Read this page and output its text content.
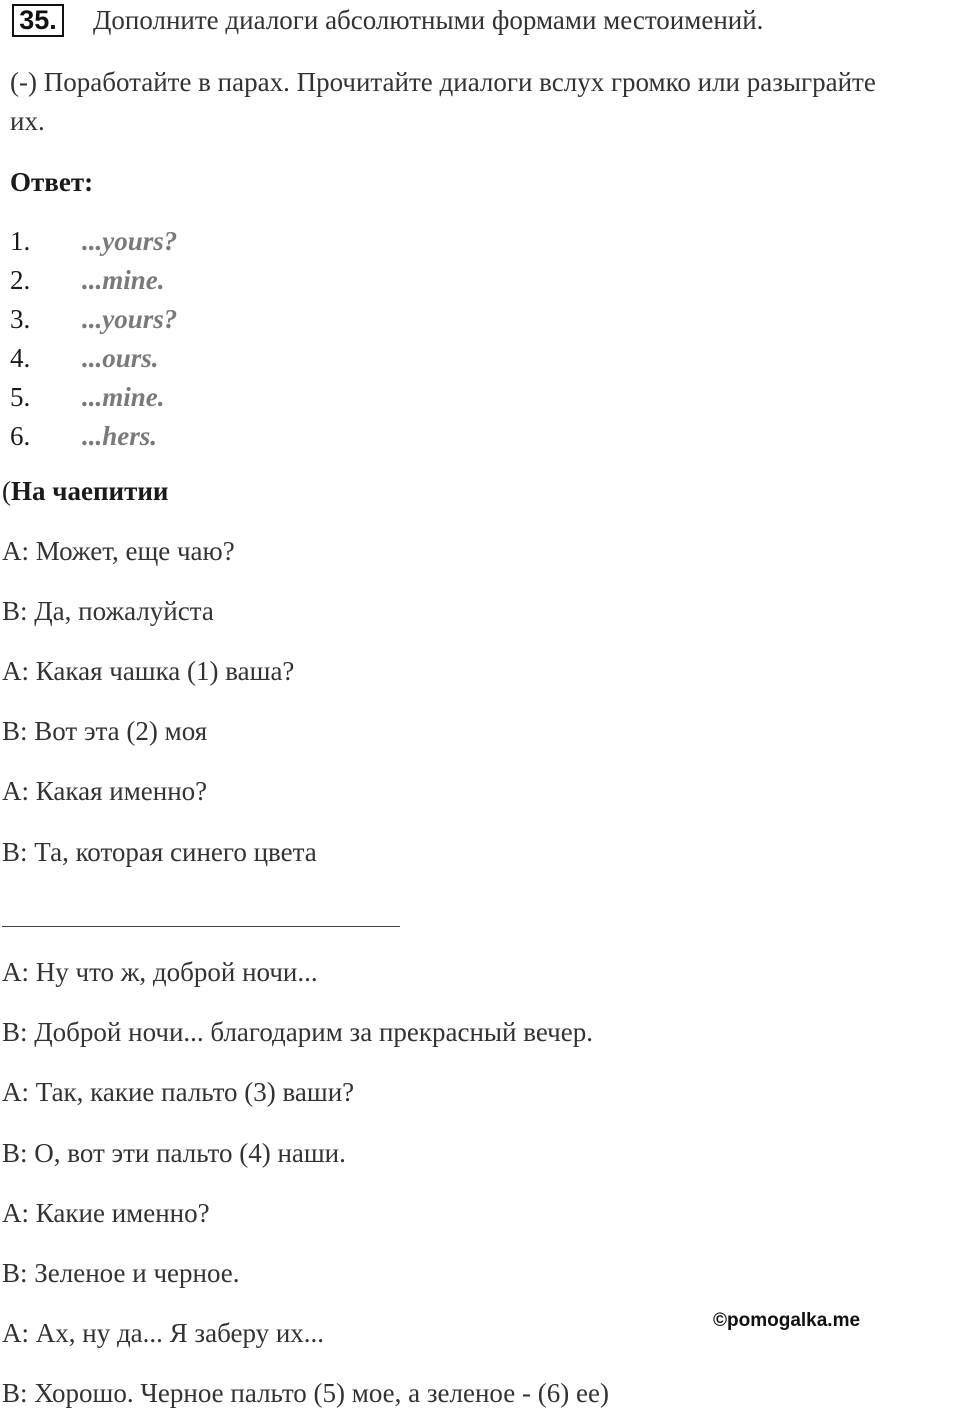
35. Дополните диалоги абсолютными формами местоимений.
(-) Поработайте в парах. Прочитайте диалоги вслух громко или разыграйте
их.
Ответ:
1. ...yours?
2. ...mine.
3. ...yours?
4. ...ours.
5. ...mine.
6. ...hers.
(На чаепитии
А: Может, еще чаю?
В: Да, пожалуйста
А: Какая чашка (1) ваша?
В: Вот эта (2) моя
А: Какая именно?
В: Та, которая синего цвета
А: Ну что ж, доброй ночи...
В: Доброй ночи... благодарим за прекрасный вечер.
А: Так, какие пальто (3) ваши?
В: О, вот эти пальто (4) наши.
А: Какие именно?
В: Зеленое и черное.
А: Ах, ну да... Я заберу их...
В: Хорошо. Черное пальто (5) мое, а зеленое - (6) ее)
©pomogalka.me
